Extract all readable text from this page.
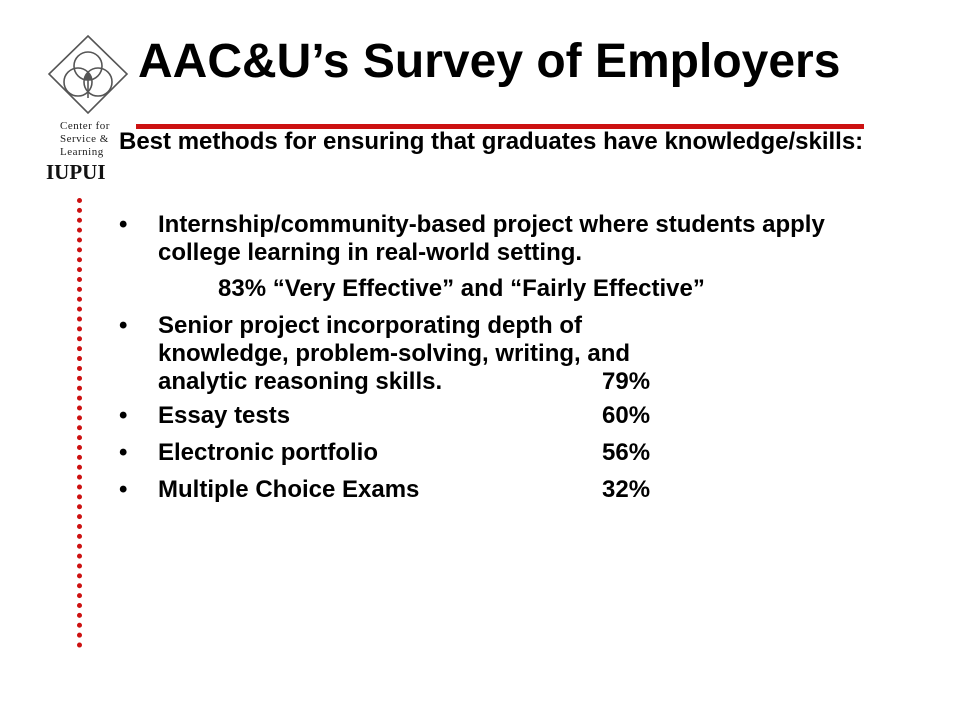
Center for
Service &
Learning
IUPUI
AAC&U’s Survey of Employers

Best methods for ensuring that graduates have knowledge/skills:

• Internship/community-based project where students apply college learning in real-world setting.
83% “Very Effective” and “Fairly Effective”
• Senior project incorporating depth of
knowledge, problem-solving, writing, and
analytic reasoning skills.	79%
• Essay tests	60%
• Electronic portfolio	56%
• Multiple Choice Exams	32%
